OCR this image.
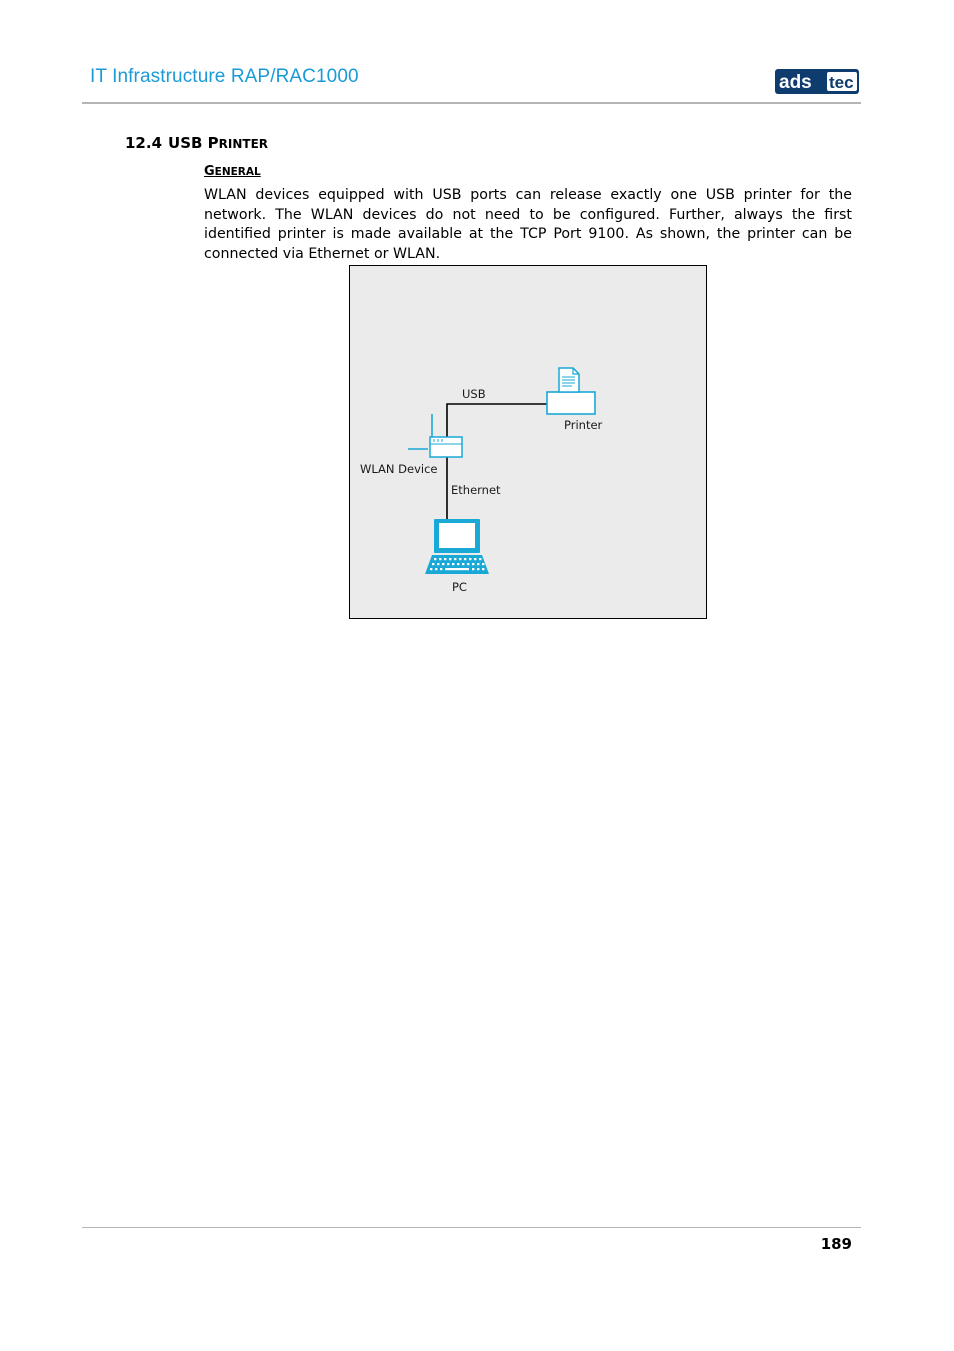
IT Infrastructure RAP/RAC1000	ads tec
12.4 USB PRINTER
GENERAL
WLAN devices equipped with USB ports can release exactly one USB printer for the network. The WLAN devices do not need to be configured. Further, always the first identified printer is made available at the TCP Port 9100. As shown, the printer can be connected via Ethernet or WLAN.
USB
Printer
WLAN Device
Ethernet
PC
189
